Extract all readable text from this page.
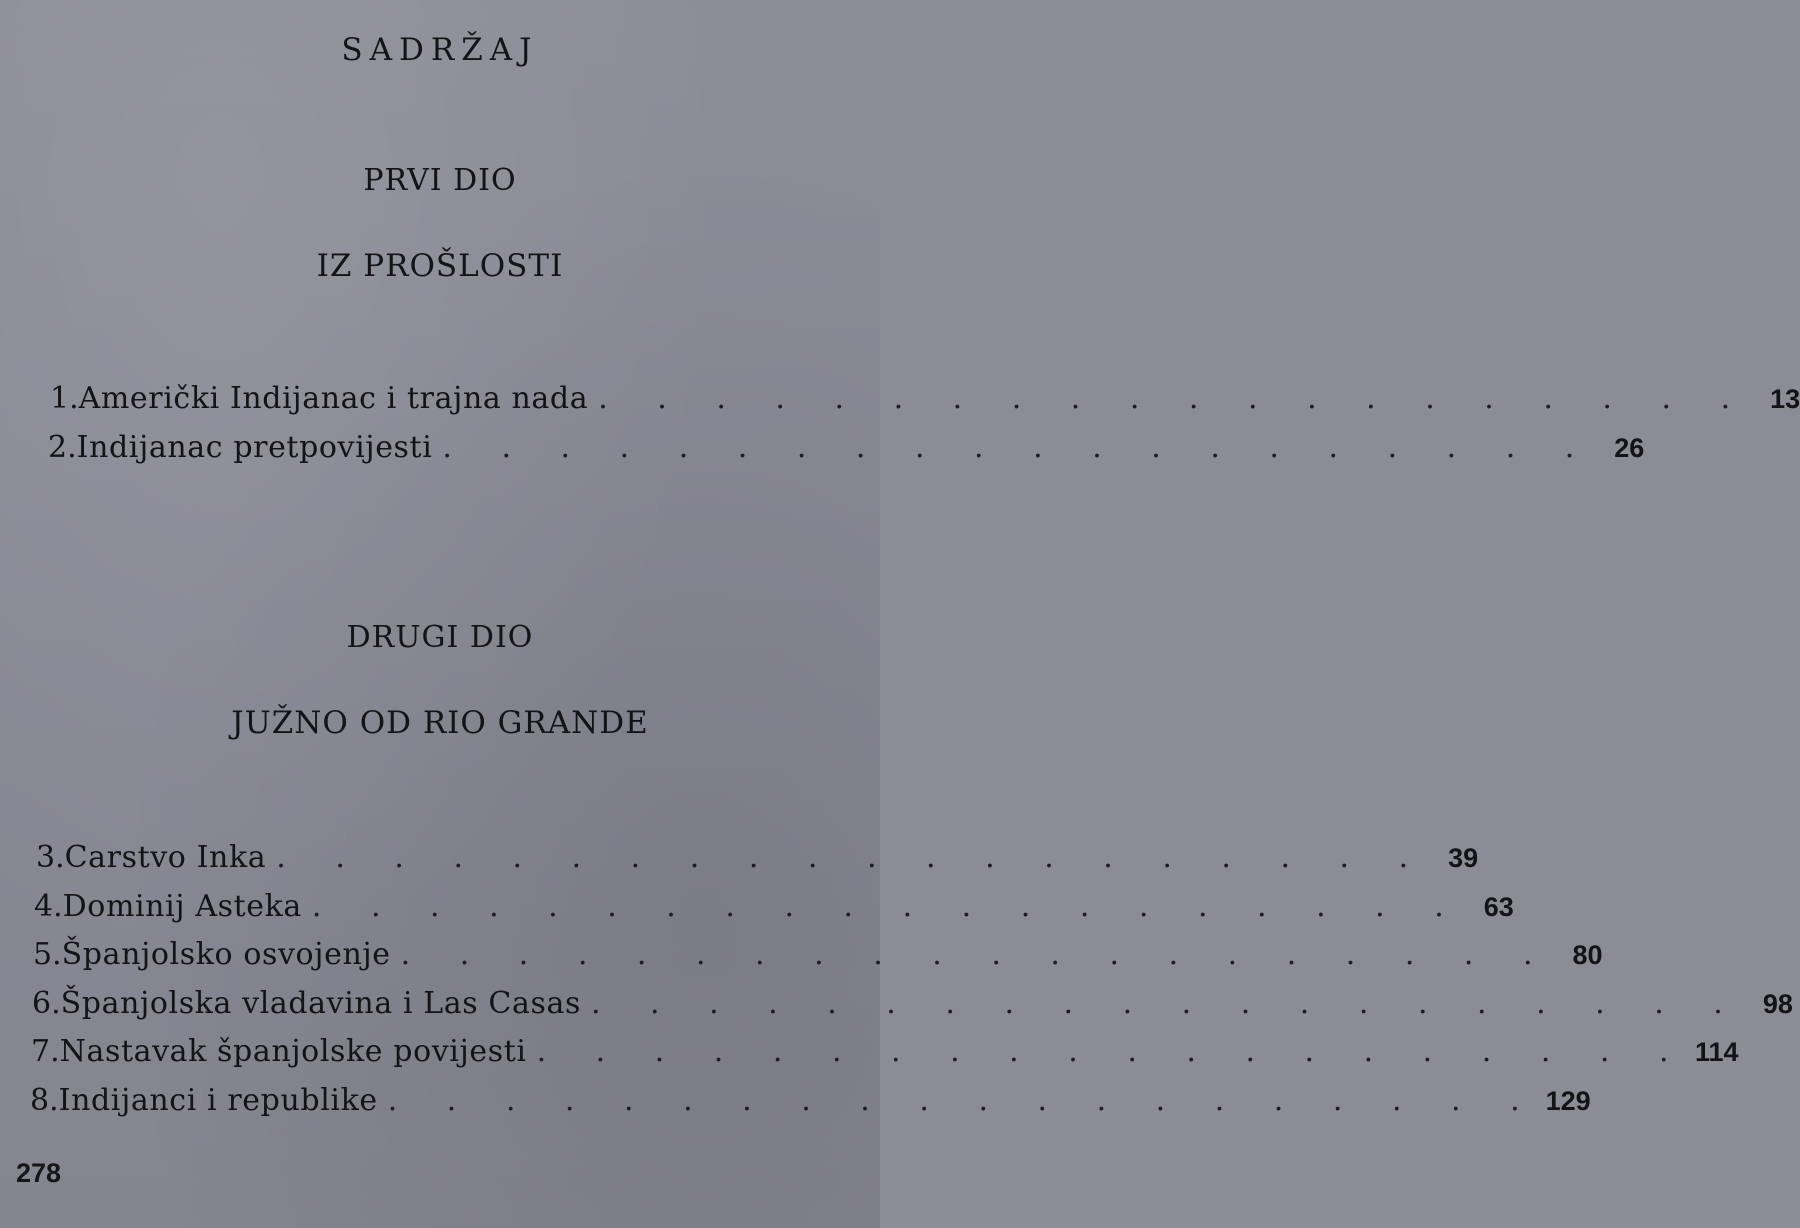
SADRŽAJ
PRVI DIO
IZ PROŠLOSTI
1. Američki Indijanac i trajna nada . . . . . . . . . . . . . . . . . . . . 13
2. Indijanac pretpovijesti . . . . . . . . . . . . . . . . . . . . 26
DRUGI DIO
JUŽNO OD RIO GRANDE
3. Carstvo Inka . . . . . . . . . . . . . . . . . . . . 39
4. Dominij Asteka . . . . . . . . . . . . . . . . . . . . 63
5. Španjolsko osvojenje . . . . . . . . . . . . . . . . . . . . 80
6. Španjolska vladavina i Las Casas . . . . . . . . . . . . . . . . . . . . 98
7. Nastavak španjolske povijesti . . . . . . . . . . . . . . . . . . . . 114
8. Indijanci i republike . . . . . . . . . . . . . . . . . . . . 129
278
